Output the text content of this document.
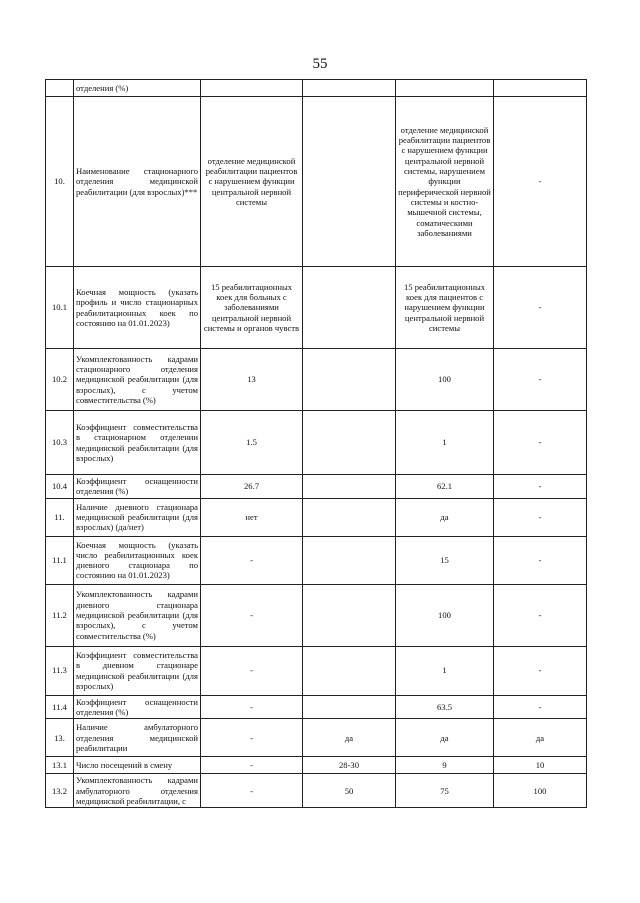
55
	отделения (%)				
10.	Наименование стационарного отделения медицинской реабилитации (для взрослых)***	отделение медицинской реабилитации пациентов с нарушением функции центральной нервной системы		отделение медицинской реабилитации пациентов с нарушением функции центральной нервной системы, нарушением функции периферической нервной системы и костно-мышечной системы, соматическими заболеваниями	-
10.1	Коечная мощность (указать профиль и число стационарных реабилитационных коек по состоянию на 01.01.2023)	15 реабилитационных коек для больных с заболеваниями центральной нервной системы и органов чувств		15 реабилитационных коек для пациентов с нарушением функции центральной нервной системы	-
10.2	Укомплектованность кадрами стационарного отделения медицинской реабилитации (для взрослых), с учетом совместительства (%)	13		100	-
10.3	Коэффициент совместительства в стационарном отделении медицинской реабилитации (для взрослых)	1.5		1	-
10.4	Коэффициент оснащенности отделения (%)	26.7		62.1	-
11.	Наличие дневного стационара медицинской реабилитации (для взрослых) (да/нет)	нет		да	-
11.1	Коечная мощность (указать число реабилитационных коек дневного стационара по состоянию на 01.01.2023)	-		15	-
11.2	Укомплектованность кадрами дневного стационара медицинской реабилитации (для взрослых), с учетом совместительства (%)	-		100	-
11.3	Коэффициент совместительства в дневном стационаре медицинской реабилитации (для взрослых)	-		1	-
11.4	Коэффициент оснащенности отделения (%)	-		63.5	-
13.	Наличие амбулаторного отделения медицинской реабилитации	-	да	да	да
13.1	Число посещений в смену	-	28-30	9	10
13.2	Укомплектованность кадрами амбулаторного отделения медицинской реабилитации, с	-	50	75	100
